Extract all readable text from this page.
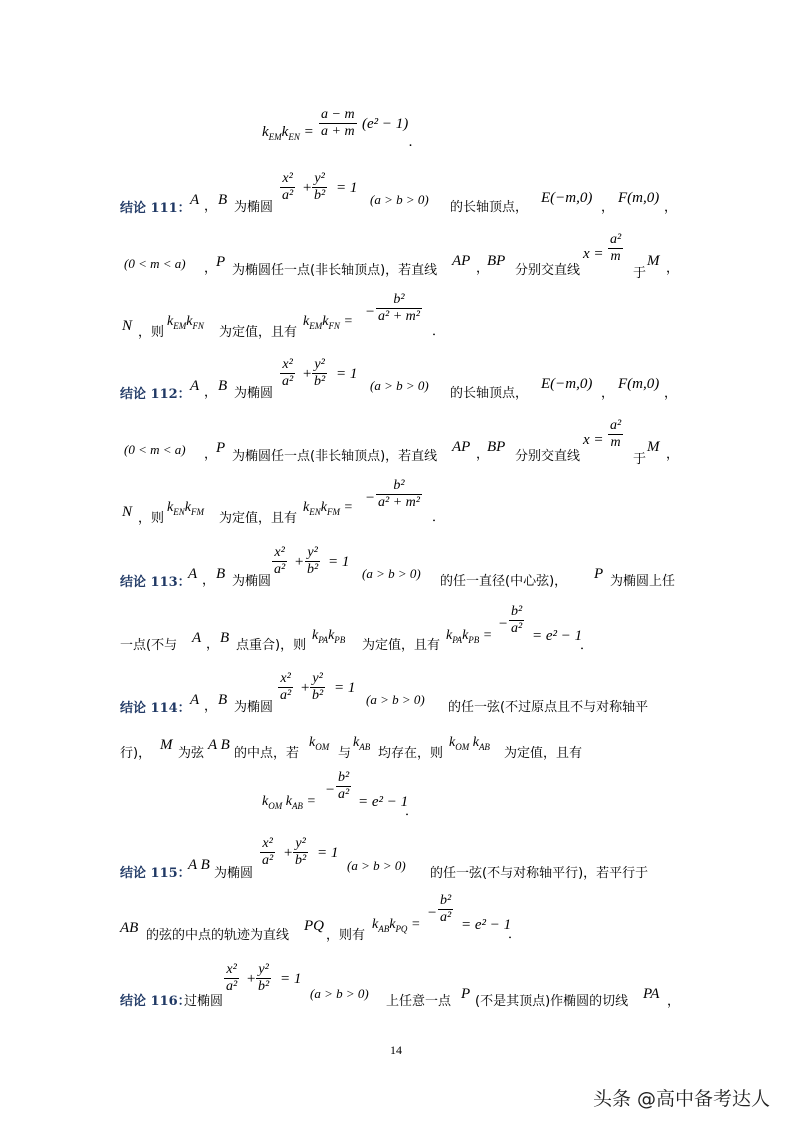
$k_{EM}k_{EN}$ =
a − m
a + m (e² − 1)
.
结论 111：
A ， B 为椭圆
x²
a² +
y²
b² = 1
(a > b > 0)
的长轴顶点，
E(−m,0)
，
F(m,0)
，
(0 < m < a) ，
P
为椭圆任一点(非长轴顶点)，若直线
AP ，
BP
分别交直线
x =
a²
m
于
M ，
N ，则
$k_{EM}k_{FN}$ 为定值，且有
$k_{EM}k_{FN}$ =
−
b²
a² + m²
．
结论 112：
A ， B 为椭圆
x²
a² +
y²
b² = 1
(a > b > 0)
的长轴顶点，
E(−m,0)
，
F(m,0)
，
(0 < m < a) ，
P
为椭圆任一点(非长轴顶点)，若直线
AP ，
BP
分别交直线
x =
a²
m
于
M ，
N ，则
$k_{EN}k_{FM}$ 为定值，且有
$k_{EN}k_{FM}$ =
−
b²
a² + m²
．
结论 113：
A ， B 为椭圆
x²
a² +
y²
b² = 1
(a > b > 0)
的任一直径(中心弦)， P 为椭圆上任
一点(不与 A ， B 点重合)，则
$k_{PA}k_{PB}$ 为定值，且有
$k_{PA}k_{PB}$ =
−
b²
a² = e² − 1
．
结论 114：
A ， B 为椭圆
x²
a² +
y²
b² = 1
(a > b > 0)
的任一弦(不过原点且不与对称轴平
行)，
M
为弦
A B
的中点，若
$k_{OM}$ 与
$k_{AB}$ 均存在，则
$k_{OM}$ $k_{AB}$ 为定值，且有
$k_{OM}$ $k_{AB}$ =
−
b²
a² = e² − 1
．
结论 115：
A B
为椭圆
x²
a² +
y²
b² = 1
(a > b > 0)
的任一弦(不与对称轴平行)，若平行于
AB 的弦的中点的轨迹为直线
PQ
，则有
$k_{AB}k_{PQ}$ =
−
b²
a² = e² − 1
．
结论 116：
过椭圆
x²
a² +
y²
b² = 1
(a > b > 0)
上任意一点 P (不是其顶点)作椭圆的切线 PA ，
14
头条 @高中备考达人
